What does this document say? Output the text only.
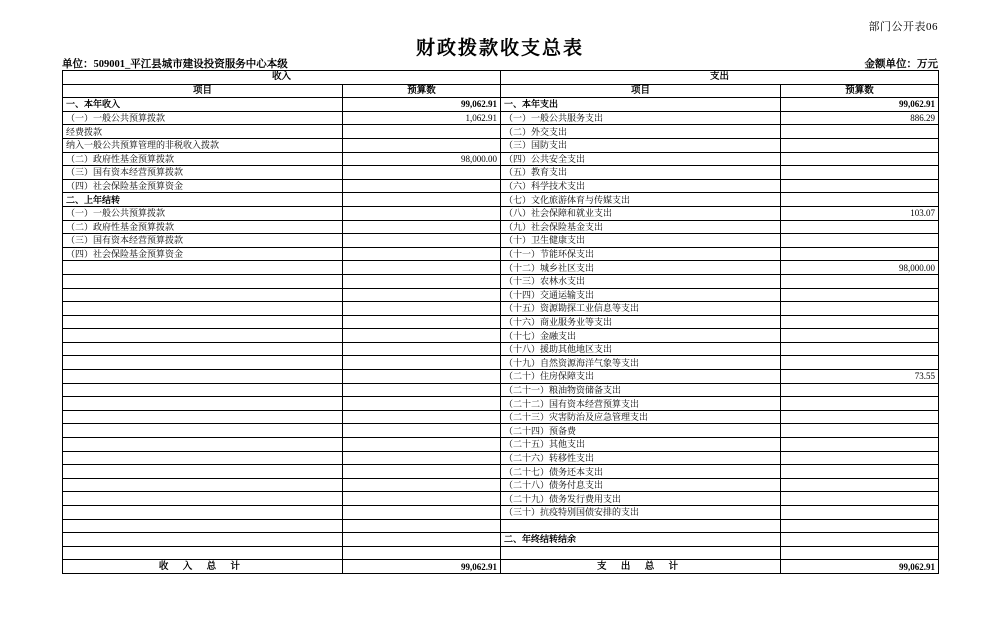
部门公开表06
财政拨款收支总表
单位：509001_平江县城市建设投资服务中心本级	金额单位：万元
收入		支出	
项目	预算数	项目	预算数
一、本年收入	99,062.91	一、本年支出	99,062.91
（一）一般公共预算拨款	1,062.91	（一）一般公共服务支出	886.29
经费拨款		（二）外交支出	
纳入一般公共预算管理的非税收入拨款		（三）国防支出	
（二）政府性基金预算拨款	98,000.00	（四）公共安全支出	
（三）国有资本经营预算拨款		（五）教育支出	
（四）社会保险基金预算资金		（六）科学技术支出	
二、上年结转		（七）文化旅游体育与传媒支出	
（一）一般公共预算拨款		（八）社会保障和就业支出	103.07
（二）政府性基金预算拨款		（九）社会保险基金支出	
（三）国有资本经营预算拨款		（十）卫生健康支出	
（四）社会保险基金预算资金		（十一）节能环保支出	
		（十二）城乡社区支出	98,000.00
		（十三）农林水支出	
		（十四）交通运输支出	
		（十五）资源勘探工业信息等支出	
		（十六）商业服务业等支出	
		（十七）金融支出	
		（十八）援助其他地区支出	
		（十九）自然资源海洋气象等支出	
		（二十）住房保障支出	73.55
		（二十一）粮油物资储备支出	
		（二十二）国有资本经营预算支出	
		（二十三）灾害防治及应急管理支出	
		（二十四）预备费	
		（二十五）其他支出	
		（二十六）转移性支出	
		（二十七）债务还本支出	
		（二十八）债务付息支出	
		（二十九）债务发行费用支出	
		（三十）抗疫特别国债安排的支出	

		二、年终结转结余	

收 入 总 计	99,062.91	支 出 总 计	99,062.91
